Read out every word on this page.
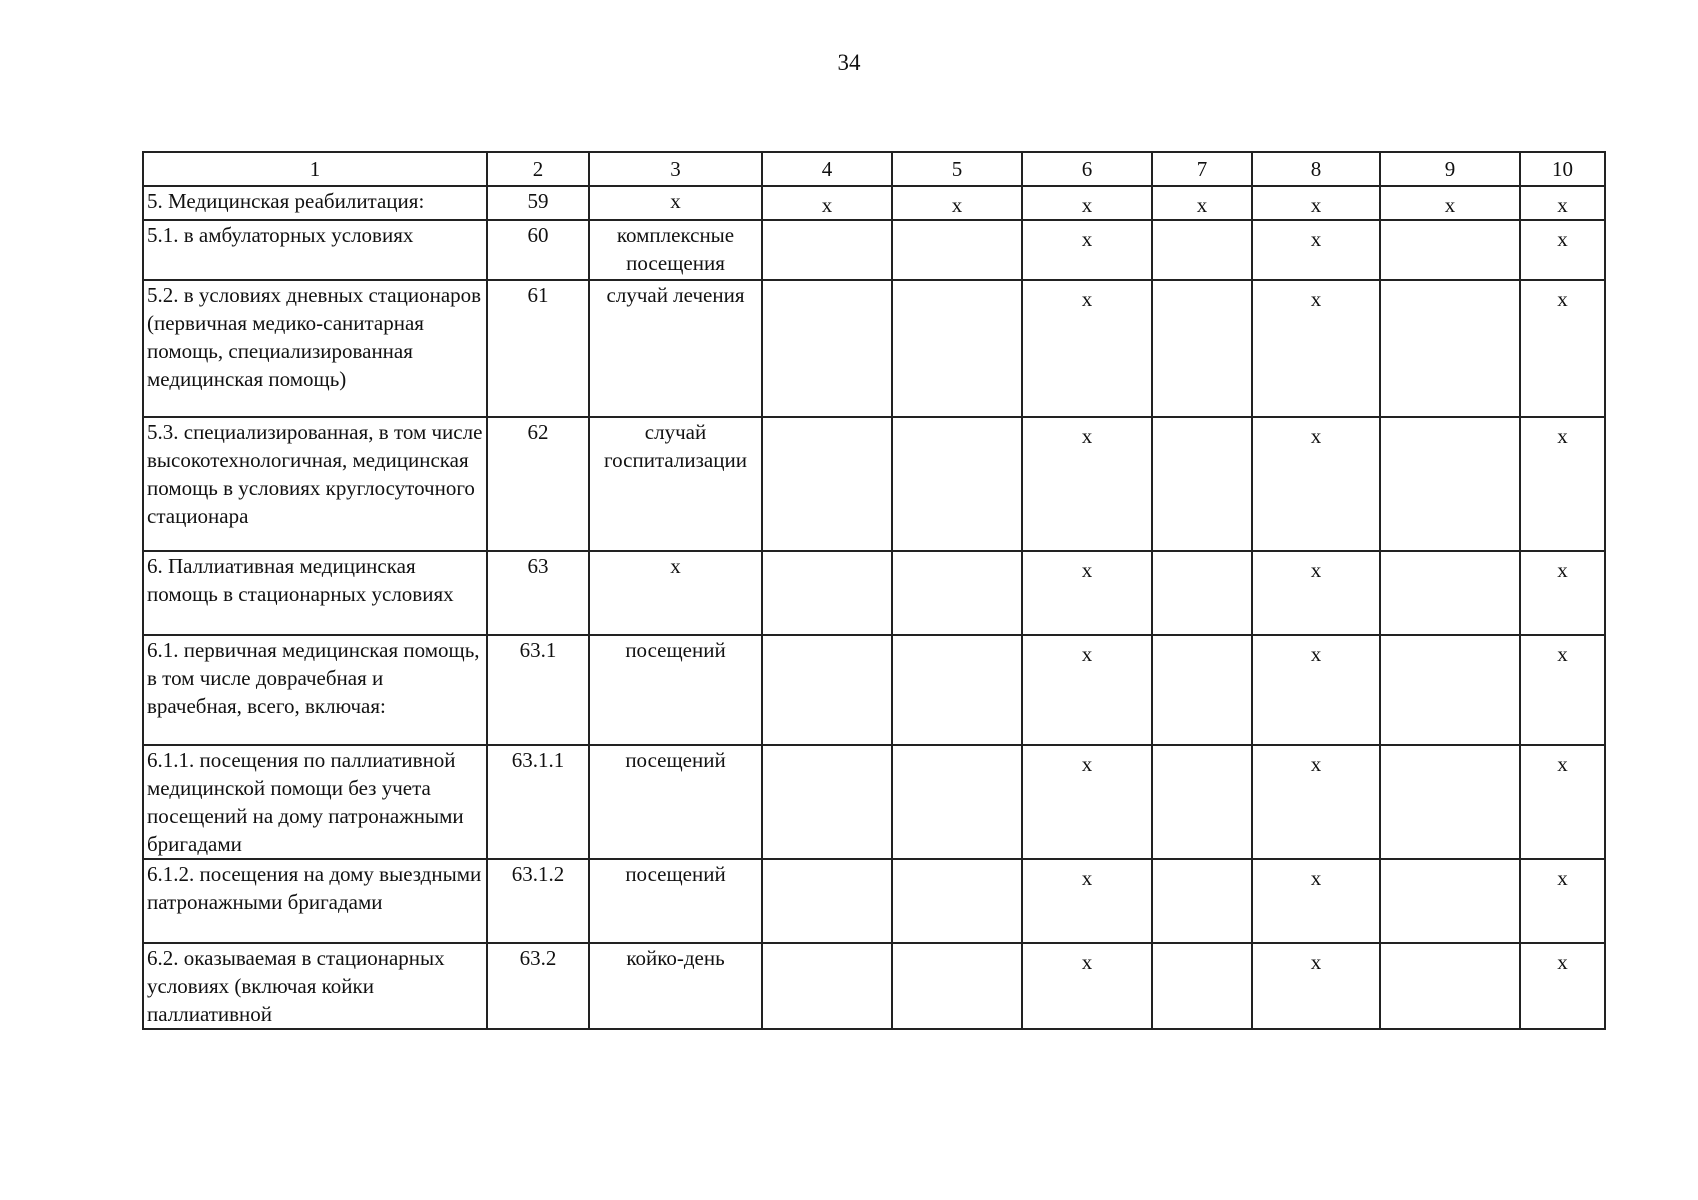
34
1	2	3	4	5	6	7	8	9	10
5. Медицинская реабилитация:	59	х	х	х	х	х	х	х	х
5.1. в амбулаторных условиях	60	комплексные посещения			х		х		х
5.2. в условиях дневных стационаров (первичная медико-санитарная помощь, специализированная медицинская помощь)	61	случай лечения			х		х		х
5.3. специализированная, в том числе высокотехнологичная, медицинская помощь в условиях круглосуточного стационара	62	случай госпитализации			х		х		х
6. Паллиативная медицинская помощь в стационарных условиях	63	х			х		х		х
6.1. первичная медицинская помощь, в том числе доврачебная и врачебная, всего, включая:	63.1	посещений			х		х		х
6.1.1. посещения по паллиативной медицинской помощи без учета посещений на дому патронажными бригадами	63.1.1	посещений			х		х		х
6.1.2. посещения на дому выездными патронажными бригадами	63.1.2	посещений			х		х		х
6.2. оказываемая в стационарных условиях (включая койки паллиативной	63.2	койко-день			х		х		х
